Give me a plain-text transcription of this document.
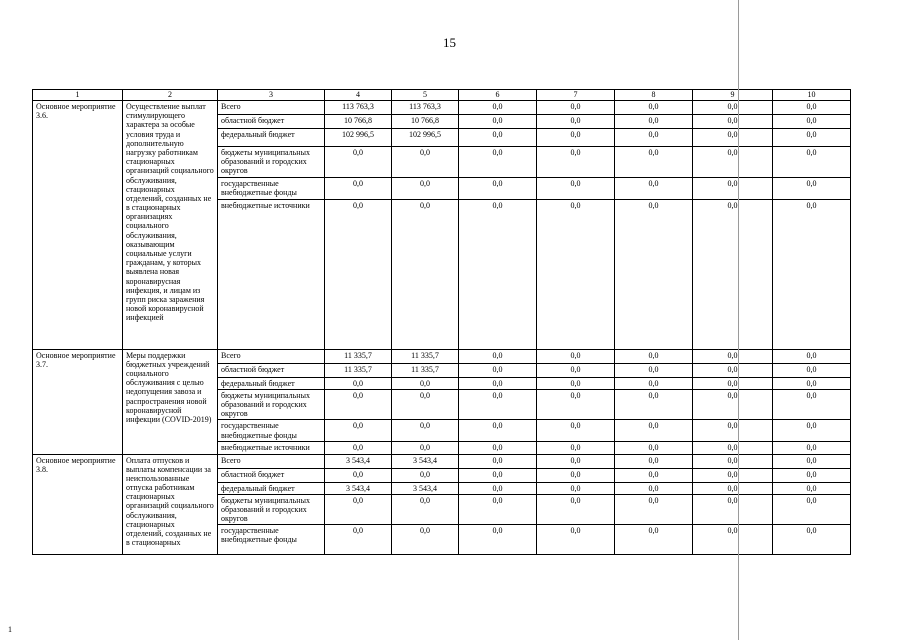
15
1	2	3	4	5	6	7	8	9	10
Основное мероприятие 3.6.	Осуществление выплат стимулирующего характера за особые условия труда и дополнительную нагрузку работникам стационарных организаций социального обслуживания, стационарных отделений, созданных не в стационарных организациях социального обслуживания, оказывающим социальные услуги гражданам, у которых выявлена новая коронавирусная инфекция, и лицам из групп риска заражения новой коронавирусной инфекцией	Всего	113 763,3	113 763,3	0,0	0,0	0,0	0,0	0,0
		областной бюджет	10 766,8	10 766,8	0,0	0,0	0,0	0,0	0,0
		федеральный бюджет	102 996,5	102 996,5	0,0	0,0	0,0	0,0	0,0
		бюджеты муниципальных образований и городских округов	0,0	0,0	0,0	0,0	0,0	0,0	0,0
		государственные внебюджетные фонды	0,0	0,0	0,0	0,0	0,0	0,0	0,0
		внебюджетные источники	0,0	0,0	0,0	0,0	0,0	0,0	0,0
Основное мероприятие 3.7.	Меры поддержки бюджетных учреждений социального обслуживания с целью недопущения завоза и распространения новой коронавирусной инфекции (COVID-2019)	Всего	11 335,7	11 335,7	0,0	0,0	0,0	0,0	0,0
		областной бюджет	11 335,7	11 335,7	0,0	0,0	0,0	0,0	0,0
		федеральный бюджет	0,0	0,0	0,0	0,0	0,0	0,0	0,0
		бюджеты муниципальных образований и городских округов	0,0	0,0	0,0	0,0	0,0	0,0	0,0
		государственные внебюджетные фонды	0,0	0,0	0,0	0,0	0,0	0,0	0,0
		внебюджетные источники	0,0	0,0	0,0	0,0	0,0	0,0	0,0
Основное мероприятие 3.8.	Оплата отпусков и выплаты компенсации за неиспользованные отпуска работникам стационарных организаций социального обслуживания, стационарных отделений, созданных не в стационарных	Всего	3 543,4	3 543,4	0,0	0,0	0,0	0,0	0,0
		областной бюджет	0,0	0,0	0,0	0,0	0,0	0,0	0,0
		федеральный бюджет	3 543,4	3 543,4	0,0	0,0	0,0	0,0	0,0
		бюджеты муниципальных образований и городских округов	0,0	0,0	0,0	0,0	0,0	0,0	0,0
		государственные внебюджетные фонды	0,0	0,0	0,0	0,0	0,0	0,0	0,0
1
